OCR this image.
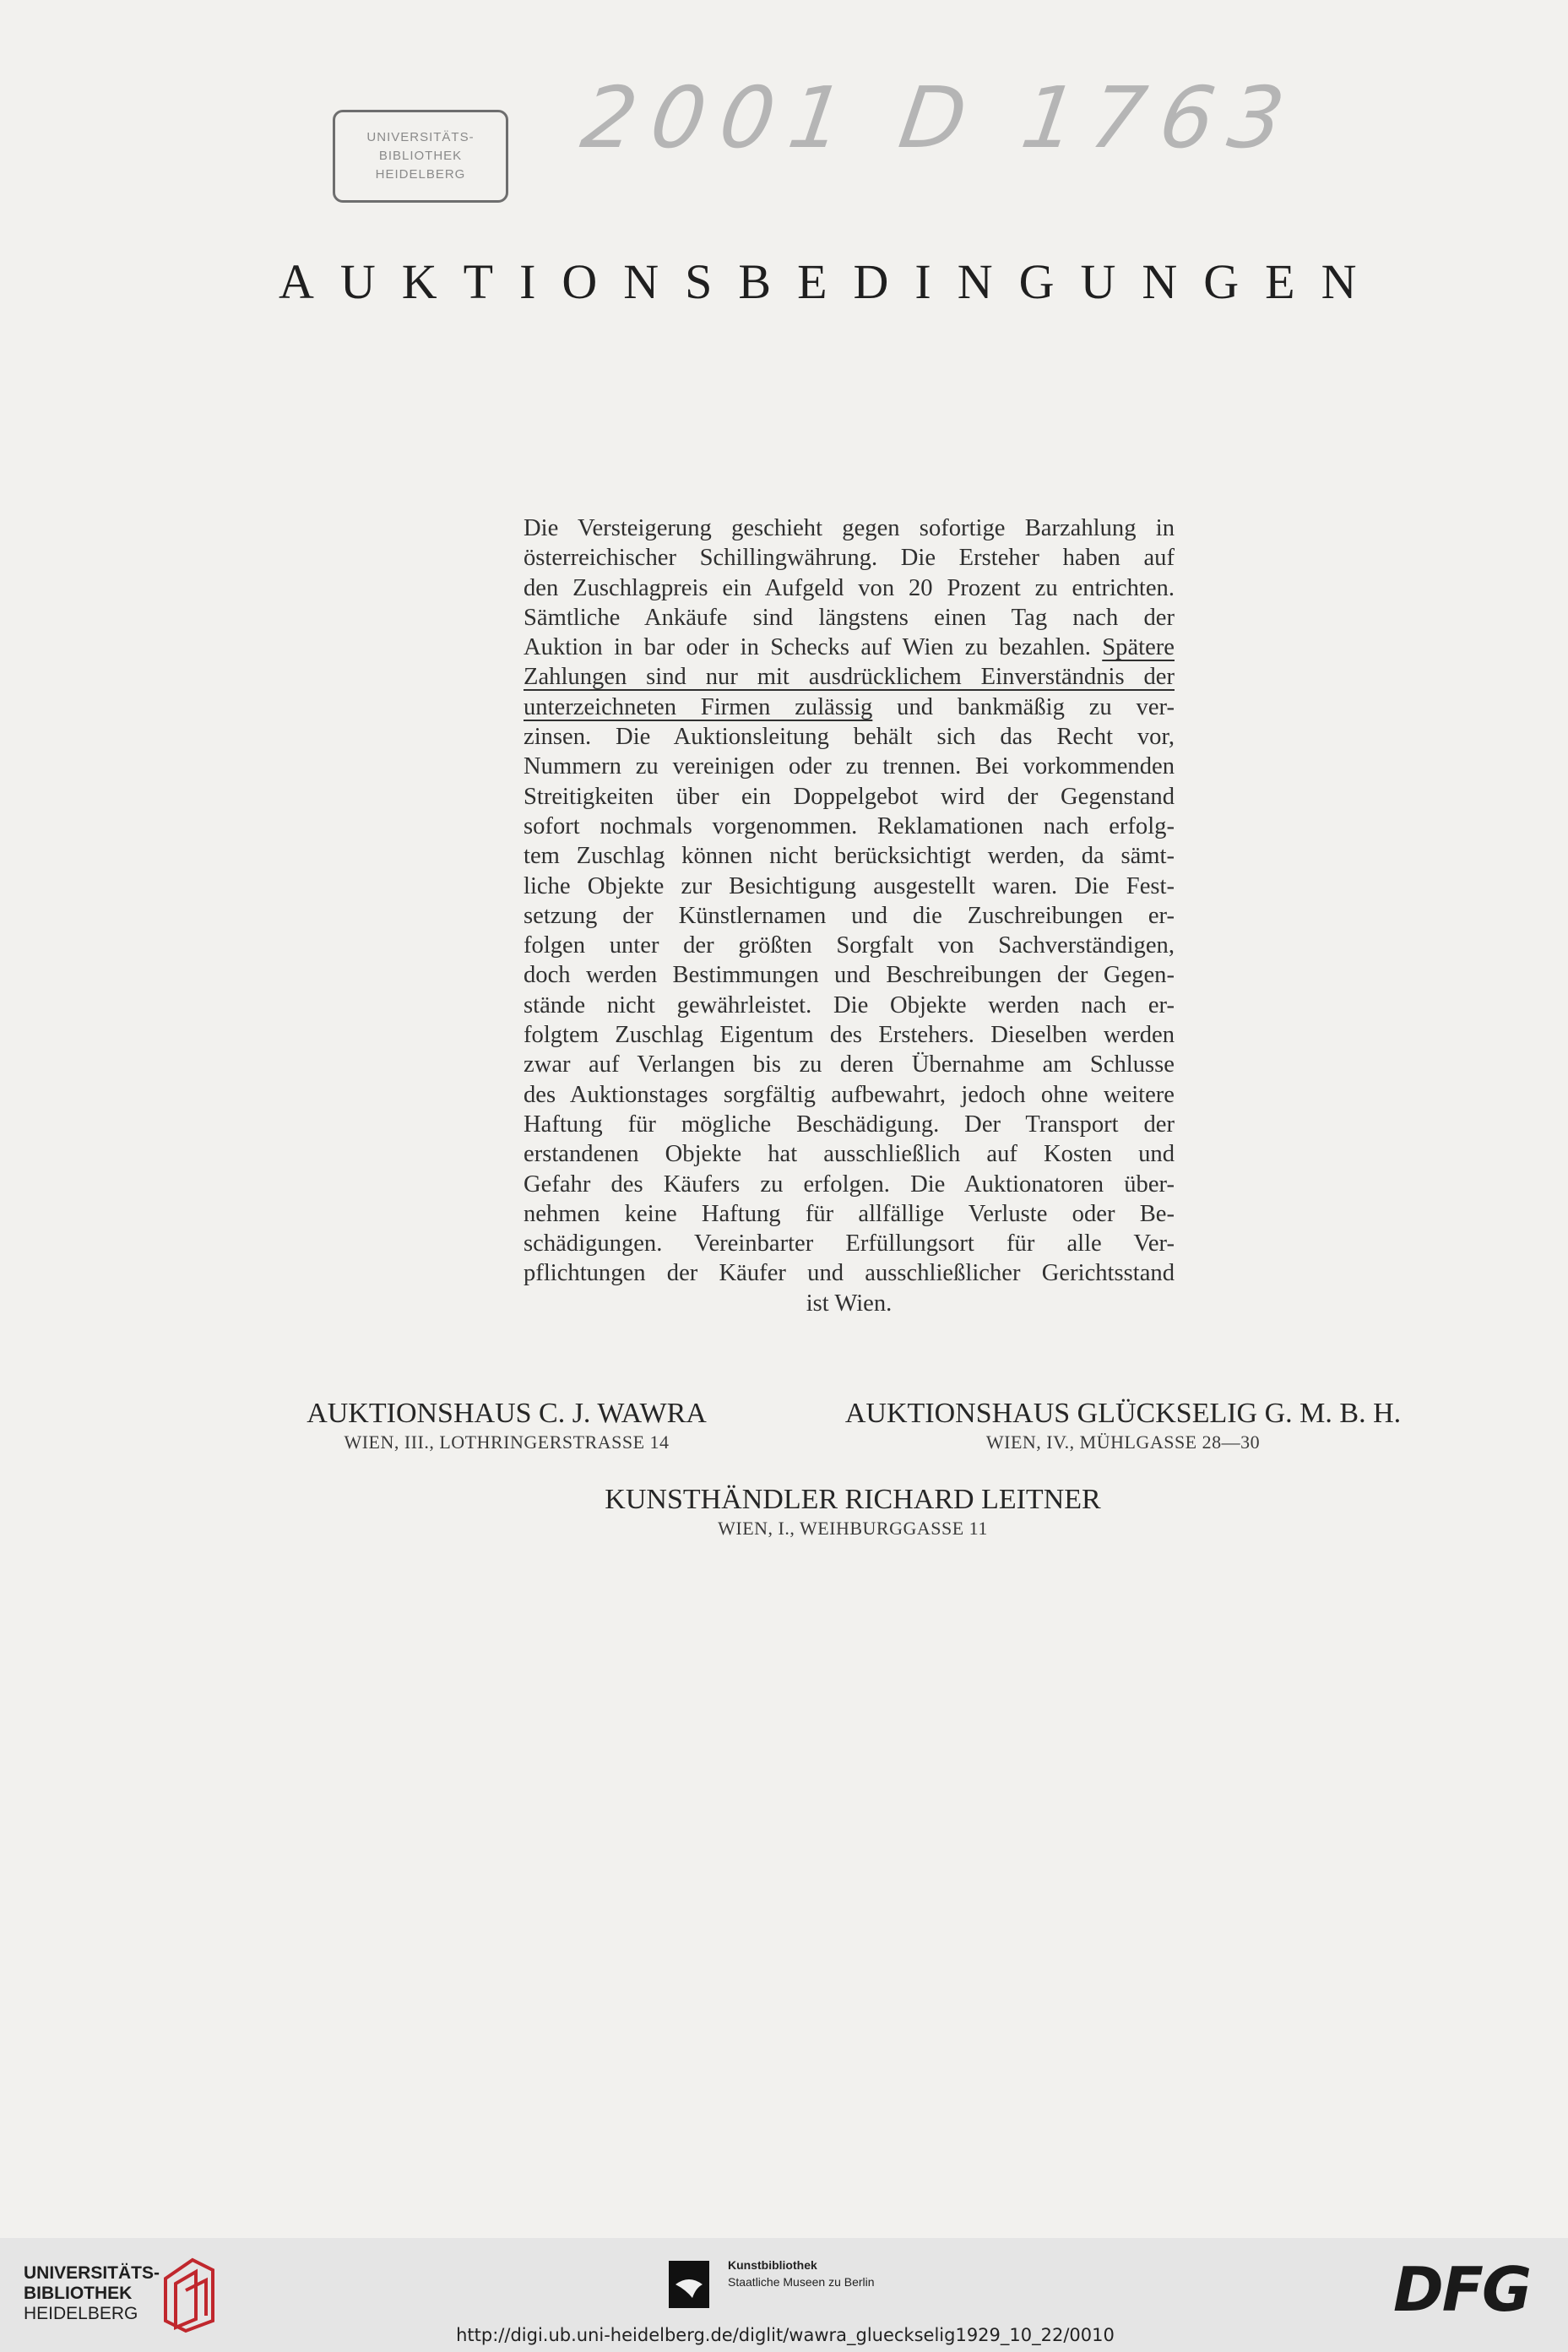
UNIVERSITÄTS-
BIBLIOTHEK
HEIDELBERG
2001 D 1763
AUKTIONSBEDINGUNGEN
Die Versteigerung geschieht gegen sofortige Barzahlung in
österreichischer Schillingwährung. Die Ersteher haben auf
den Zuschlagpreis ein Aufgeld von 20 Prozent zu entrichten.
Sämtliche Ankäufe sind längstens einen Tag nach der
Auktion in bar oder in Schecks auf Wien zu bezahlen. Spätere
Zahlungen sind nur mit ausdrücklichem Einverständnis der
unterzeichneten Firmen zulässig und bankmäßig zu ver-
zinsen. Die Auktionsleitung behält sich das Recht vor,
Nummern zu vereinigen oder zu trennen. Bei vorkommenden
Streitigkeiten über ein Doppelgebot wird der Gegenstand
sofort nochmals vorgenommen. Reklamationen nach erfolg-
tem Zuschlag können nicht berücksichtigt werden, da sämt-
liche Objekte zur Besichtigung ausgestellt waren. Die Fest-
setzung der Künstlernamen und die Zuschreibungen er-
folgen unter der größten Sorgfalt von Sachverständigen,
doch werden Bestimmungen und Beschreibungen der Gegen-
stände nicht gewährleistet. Die Objekte werden nach er-
folgtem Zuschlag Eigentum des Erstehers. Dieselben werden
zwar auf Verlangen bis zu deren Übernahme am Schlusse
des Auktionstages sorgfältig aufbewahrt, jedoch ohne weitere
Haftung für mögliche Beschädigung. Der Transport der
erstandenen Objekte hat ausschließlich auf Kosten und
Gefahr des Käufers zu erfolgen. Die Auktionatoren über-
nehmen keine Haftung für allfällige Verluste oder Be-
schädigungen. Vereinbarter Erfüllungsort für alle Ver-
pflichtungen der Käufer und ausschließlicher Gerichtsstand
ist Wien.
AUKTIONSHAUS C. J. WAWRA
WIEN, III., LOTHRINGERSTRASSE 14
AUKTIONSHAUS GLÜCKSELIG G. M. B. H.
WIEN, IV., MÜHLGASSE 28—30
KUNSTHÄNDLER RICHARD LEITNER
WIEN, I., WEIHBURGGASSE 11
UNIVERSITÄTS-
BIBLIOTHEK
HEIDELBERG
Kunstbibliothek
Staatliche Museen zu Berlin	DFG
http://digi.ub.uni-heidelberg.de/diglit/wawra_glueckselig1929_10_22/0010
